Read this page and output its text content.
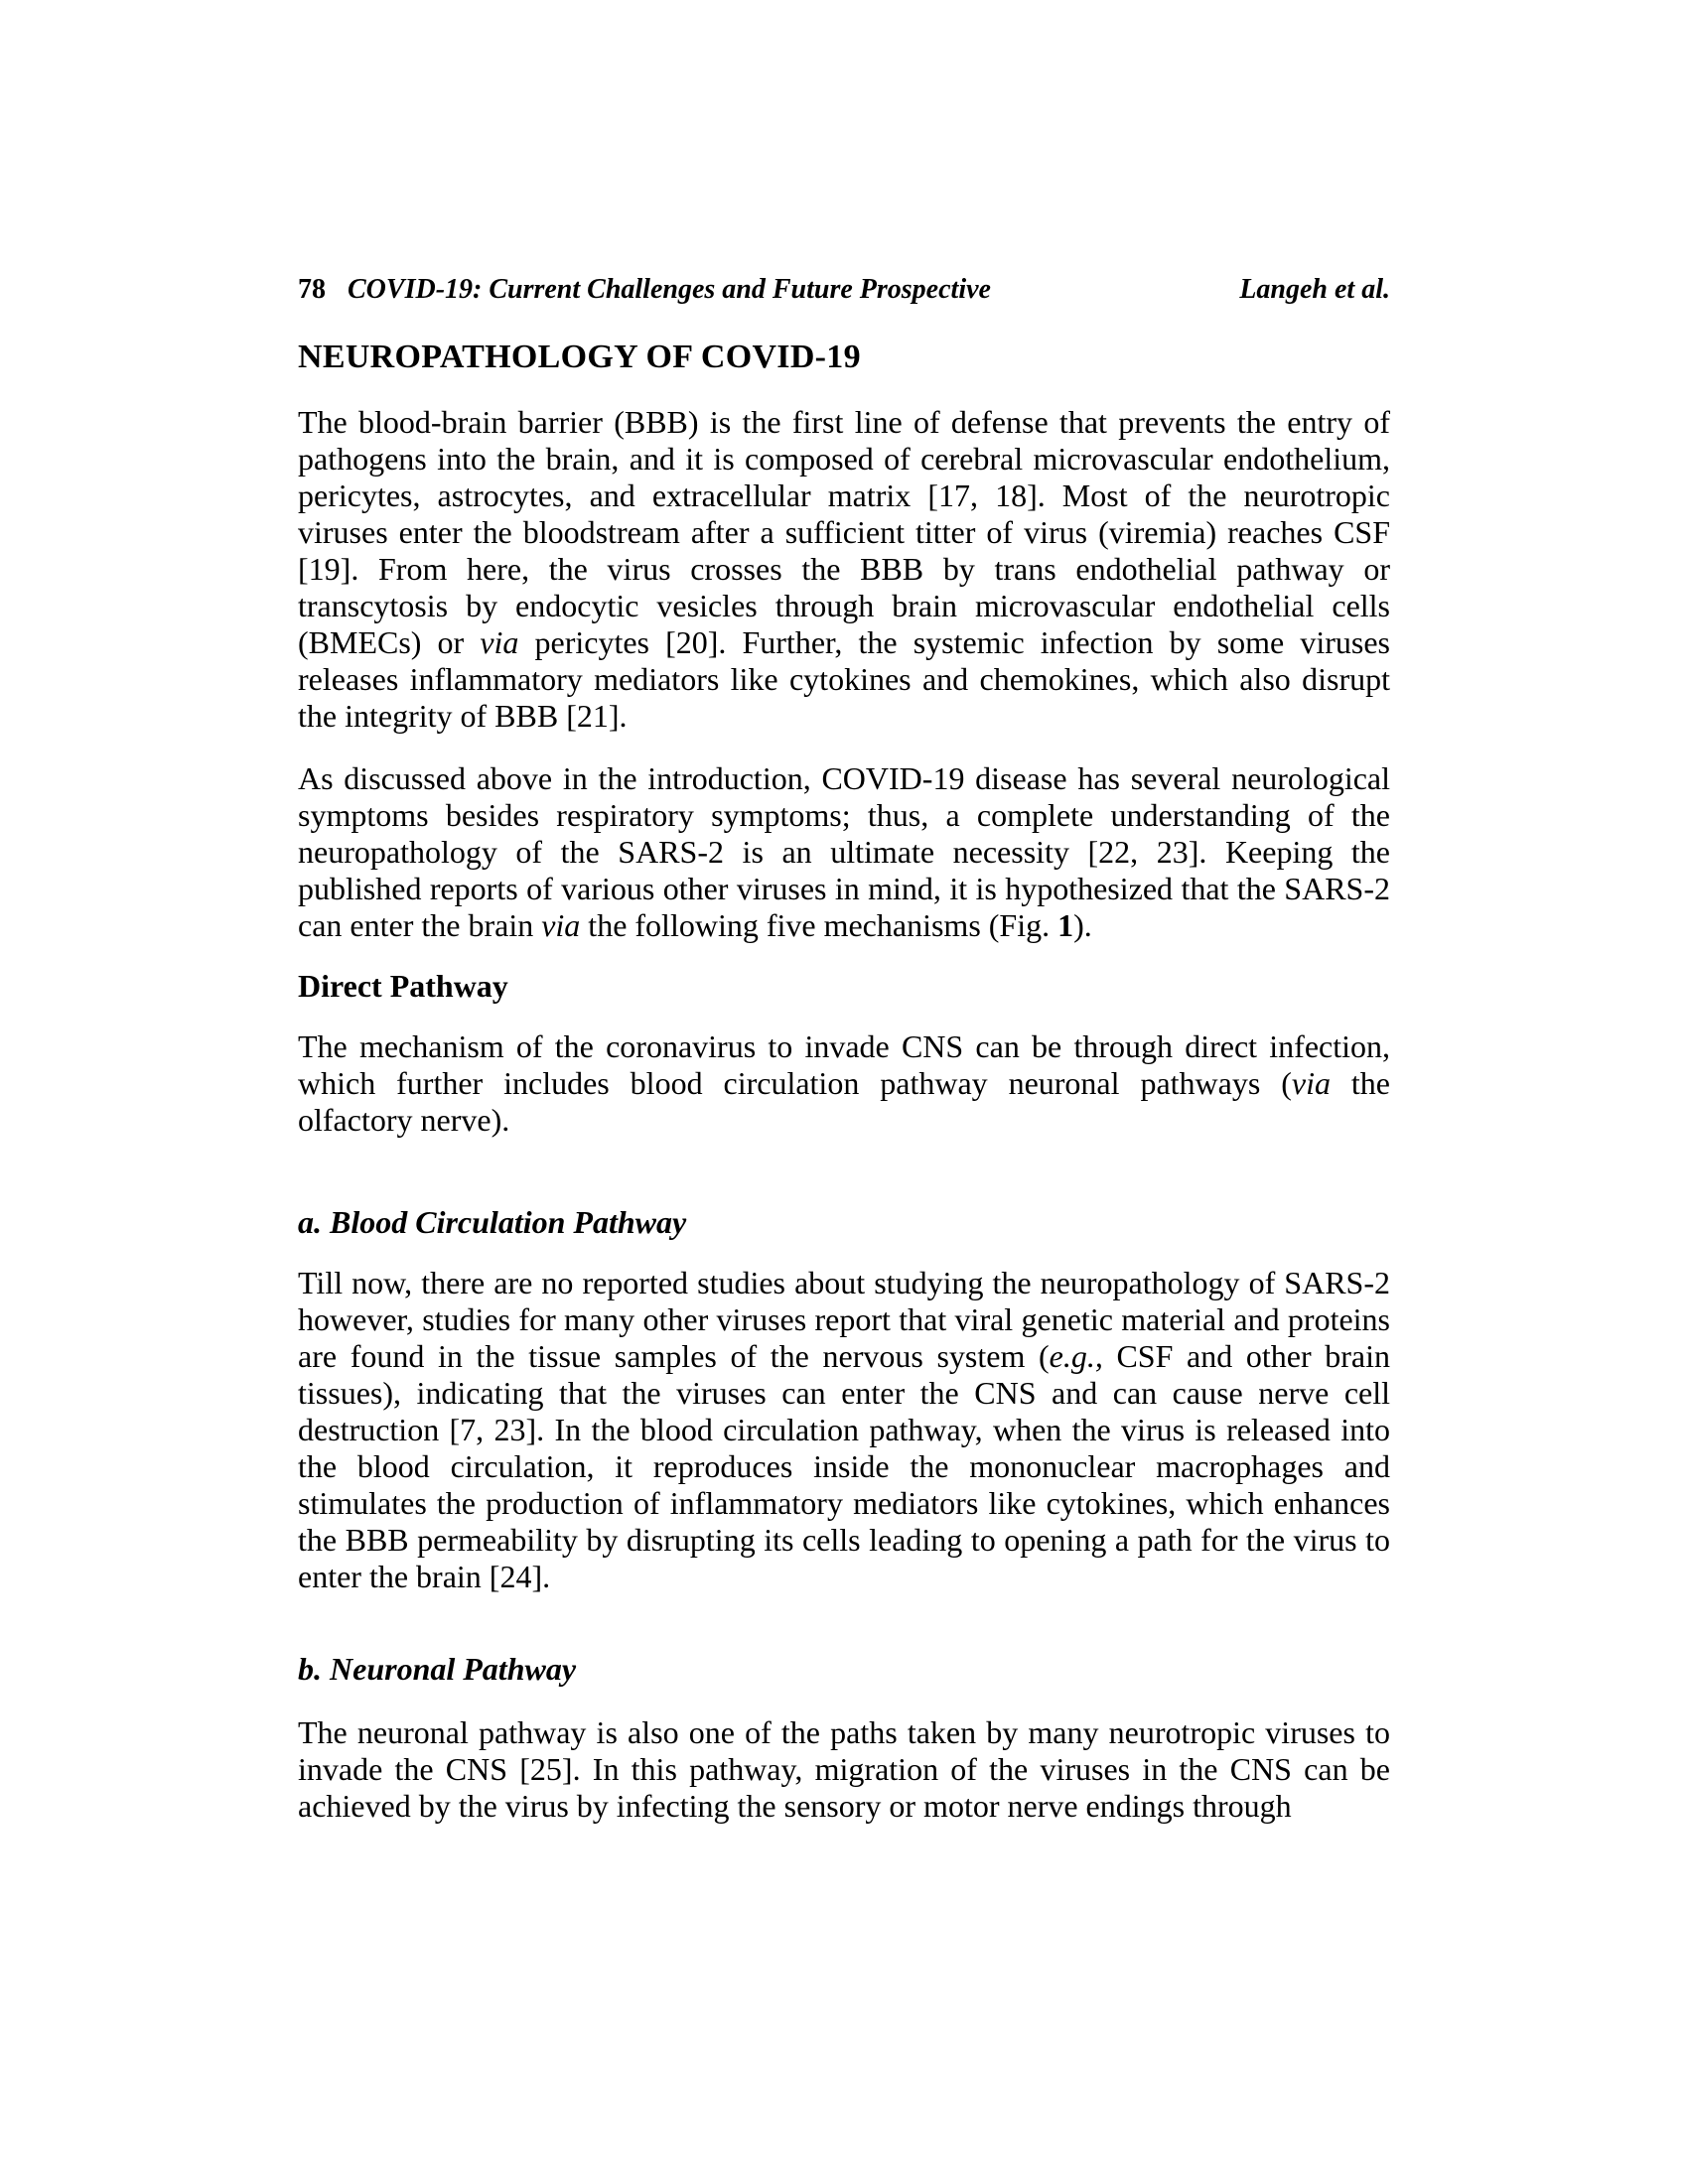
78 COVID-19: Current Challenges and Future Prospective	Langeh et al.
NEUROPATHOLOGY OF COVID-19

The blood-brain barrier (BBB) is the first line of defense that prevents the entry of pathogens into the brain, and it is composed of cerebral microvascular endothelium, pericytes, astrocytes, and extracellular matrix [17, 18]. Most of the neurotropic viruses enter the bloodstream after a sufficient titter of virus (viremia) reaches CSF [19]. From here, the virus crosses the BBB by trans endothelial pathway or transcytosis by endocytic vesicles through brain microvascular endothelial cells (BMECs) or via pericytes [20]. Further, the systemic infection by some viruses releases inflammatory mediators like cytokines and chemokines, which also disrupt the integrity of BBB [21].

As discussed above in the introduction, COVID-19 disease has several neurological symptoms besides respiratory symptoms; thus, a complete understanding of the neuropathology of the SARS-2 is an ultimate necessity [22, 23]. Keeping the published reports of various other viruses in mind, it is hypothesized that the SARS-2 can enter the brain via the following five mechanisms (Fig. 1).

Direct Pathway

The mechanism of the coronavirus to invade CNS can be through direct infection, which further includes blood circulation pathway neuronal pathways (via the olfactory nerve).

a. Blood Circulation Pathway

Till now, there are no reported studies about studying the neuropathology of SARS-2 however, studies for many other viruses report that viral genetic material and proteins are found in the tissue samples of the nervous system (e.g., CSF and other brain tissues), indicating that the viruses can enter the CNS and can cause nerve cell destruction [7, 23]. In the blood circulation pathway, when the virus is released into the blood circulation, it reproduces inside the mononuclear macrophages and stimulates the production of inflammatory mediators like cytokines, which enhances the BBB permeability by disrupting its cells leading to opening a path for the virus to enter the brain [24].

b. Neuronal Pathway

The neuronal pathway is also one of the paths taken by many neurotropic viruses to invade the CNS [25]. In this pathway, migration of the viruses in the CNS can be achieved by the virus by infecting the sensory or motor nerve endings through
